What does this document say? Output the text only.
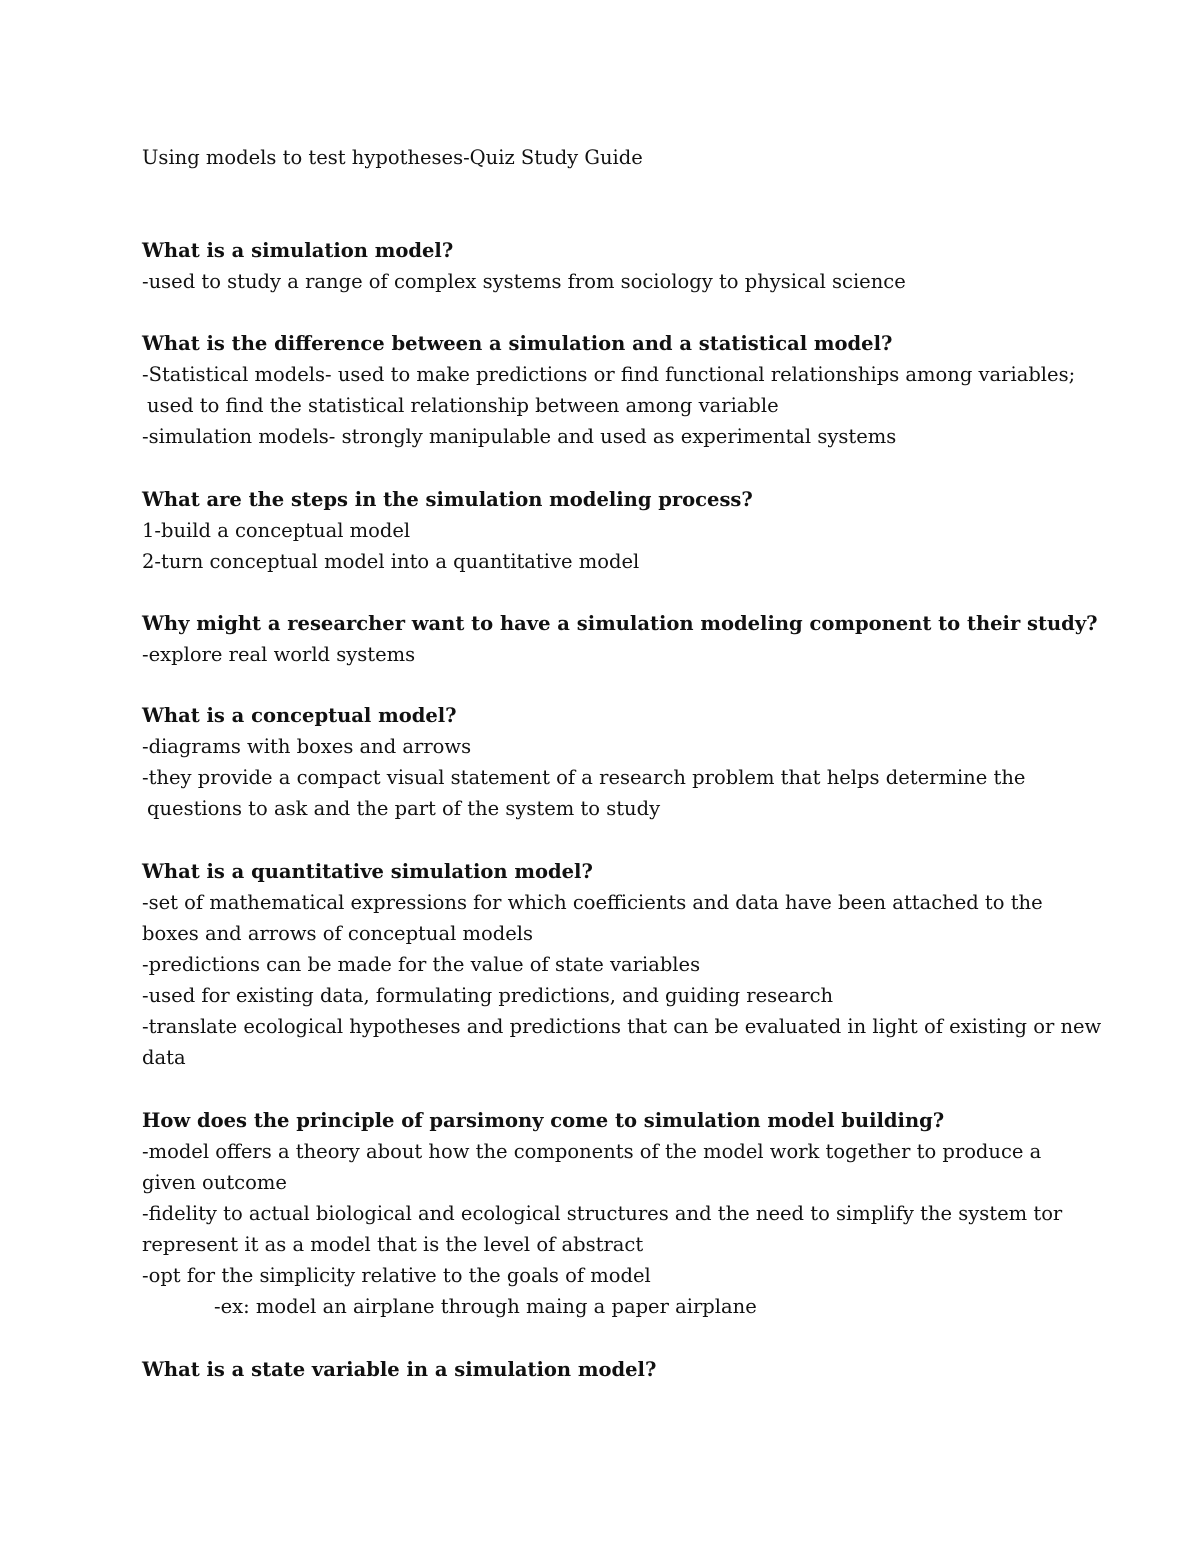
Using models to test hypotheses-Quiz Study Guide
What is a simulation model?
-used to study a range of complex systems from sociology to physical science
What is the difference between a simulation and a statistical model?
-Statistical models- used to make predictions or find functional relationships among variables;
used to find the statistical relationship between among variable
-simulation models- strongly manipulable and used as experimental systems
What are the steps in the simulation modeling process?
1-build a conceptual model
2-turn conceptual model into a quantitative model
Why might a researcher want to have a simulation modeling component to their study?
-explore real world systems
What is a conceptual model?
-diagrams with boxes and arrows
-they provide a compact visual statement of a research problem that helps determine the
questions to ask and the part of the system to study
What is a quantitative simulation model?
-set of mathematical expressions for which coefficients and data have been attached to the
boxes and arrows of conceptual models
-predictions can be made for the value of state variables
-used for existing data, formulating predictions, and guiding research
-translate ecological hypotheses and predictions that can be evaluated in light of existing or new
data
How does the principle of parsimony come to simulation model building?
-model offers a theory about how the components of the model work together to produce a
given outcome
-fidelity to actual biological and ecological structures and the need to simplify the system tor
represent it as a model that is the level of abstract
-opt for the simplicity relative to the goals of model
-ex: model an airplane through maing a paper airplane
What is a state variable in a simulation model?
